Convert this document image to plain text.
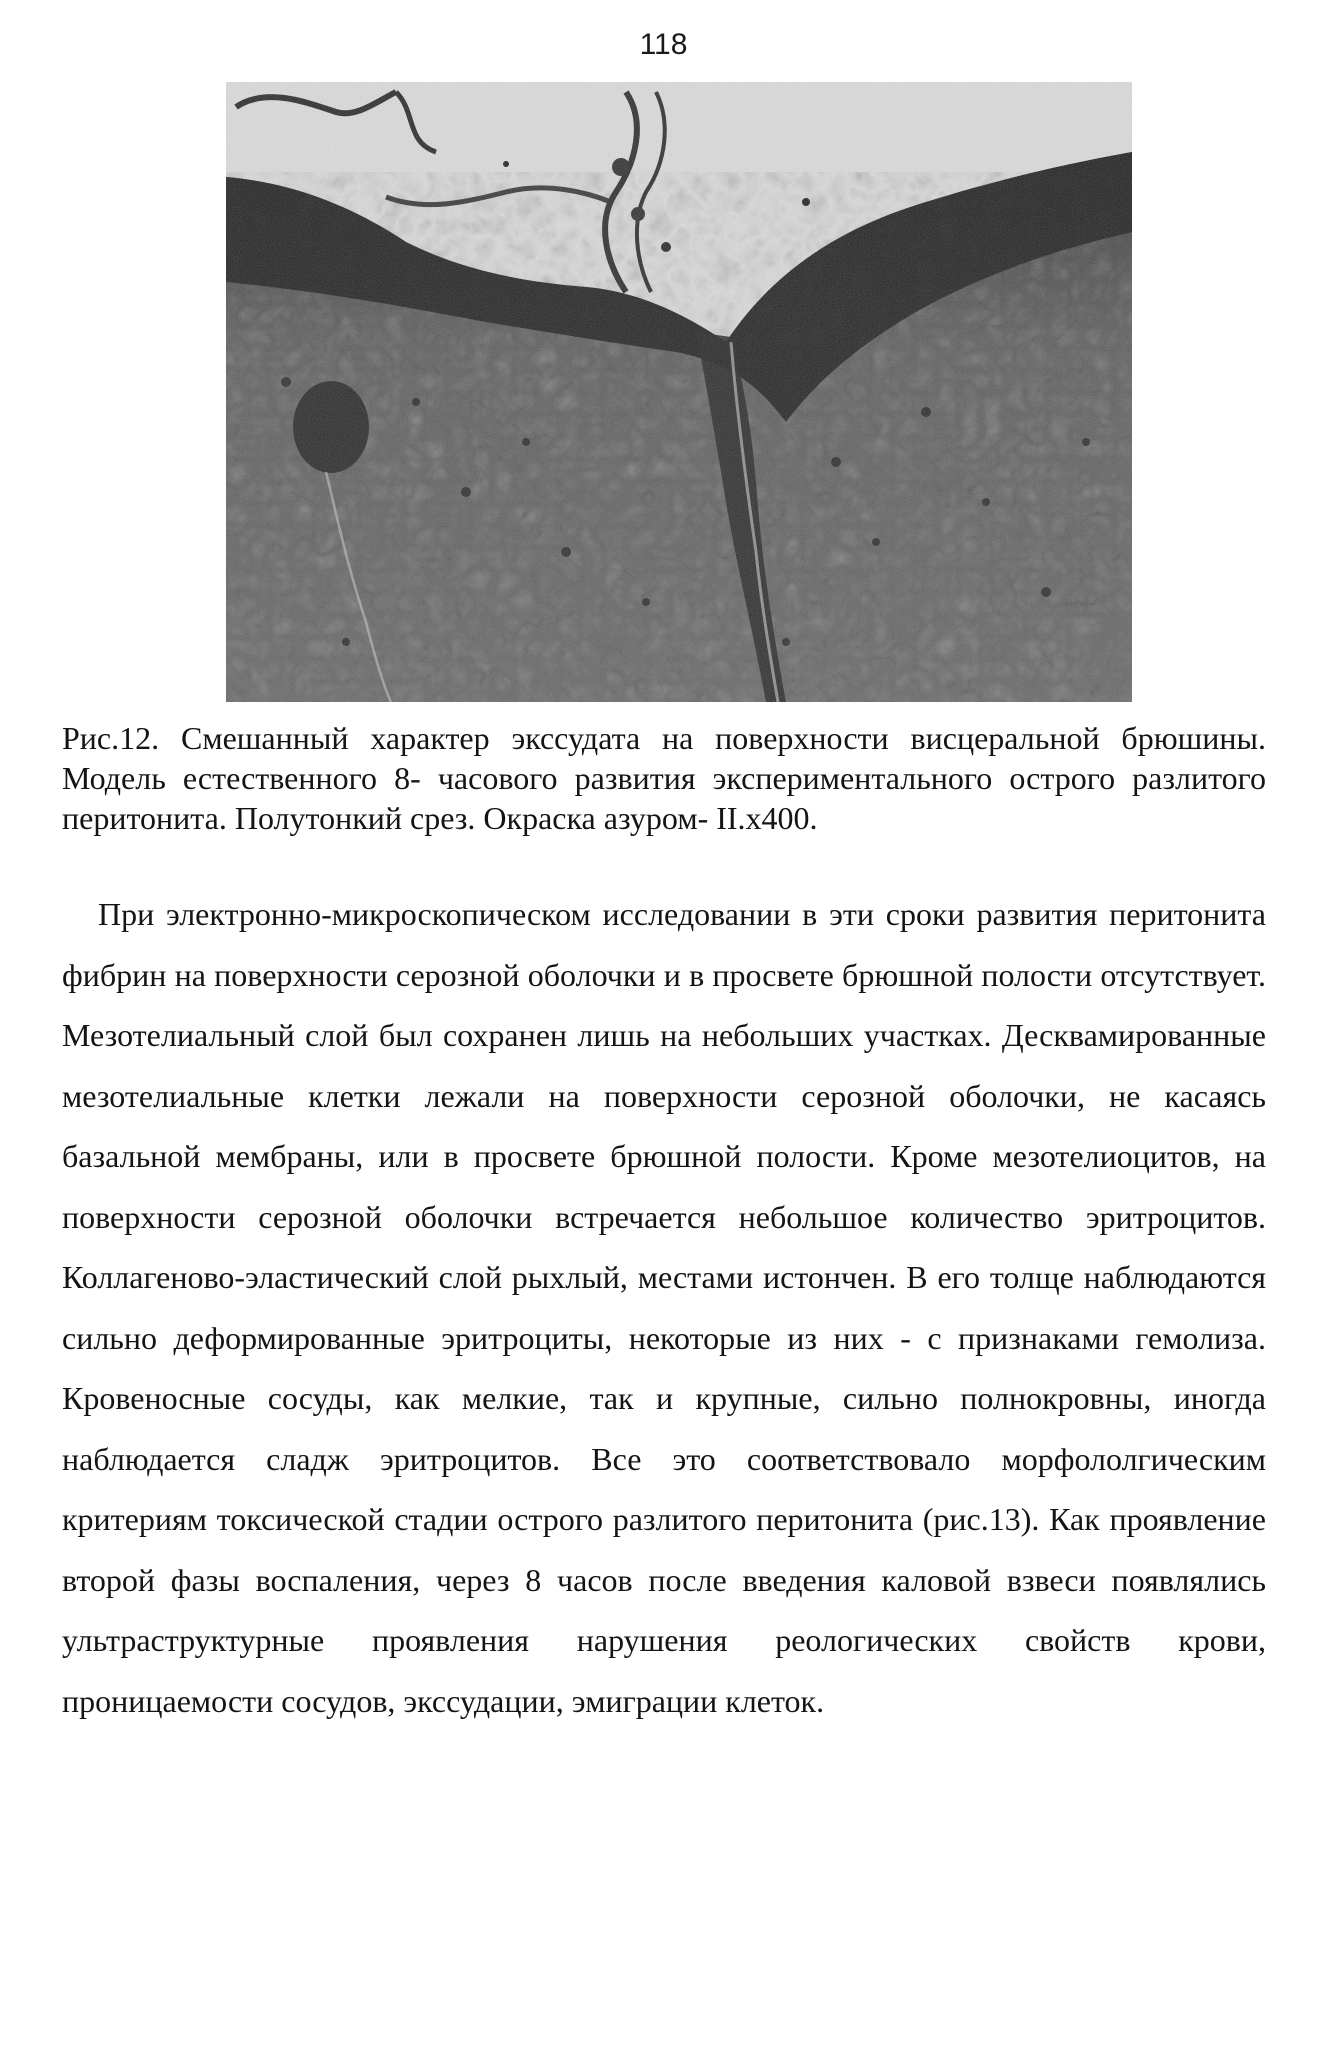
118

Рис.12. Смешанный характер экссудата на поверхности висцеральной брюшины. Модель естественного 8- часового развития экспериментального острого разлитого перитонита. Полутонкий срез. Окраска азуром- II.х400.

При электронно-микроскопическом исследовании в эти сроки развития перитонита фибрин на поверхности серозной оболочки и в просвете брюшной полости отсутствует. Мезотелиальный слой был сохранен лишь на небольших участках. Десквамированные мезотелиальные клетки лежали на поверхности серозной оболочки, не касаясь базальной мембраны, или в просвете брюшной полости. Кроме мезотелиоцитов, на поверхности серозной оболочки встречается небольшое количество эритроцитов. Коллагеново-эластический слой рыхлый, местами истончен. В его толще наблюдаются сильно деформированные эритроциты, некоторые из них - с признаками гемолиза. Кровеносные сосуды, как мелкие, так и крупные, сильно полнокровны, иногда наблюдается сладж эритроцитов. Все это соответствовало морфололгическим критериям токсической стадии острого разлитого перитонита (рис.13). Как проявление второй фазы воспаления, через 8 часов после введения каловой взвеси появлялись ультраструктурные проявления нарушения реологических свойств крови, проницаемости сосудов, экссудации, эмиграции клеток.
